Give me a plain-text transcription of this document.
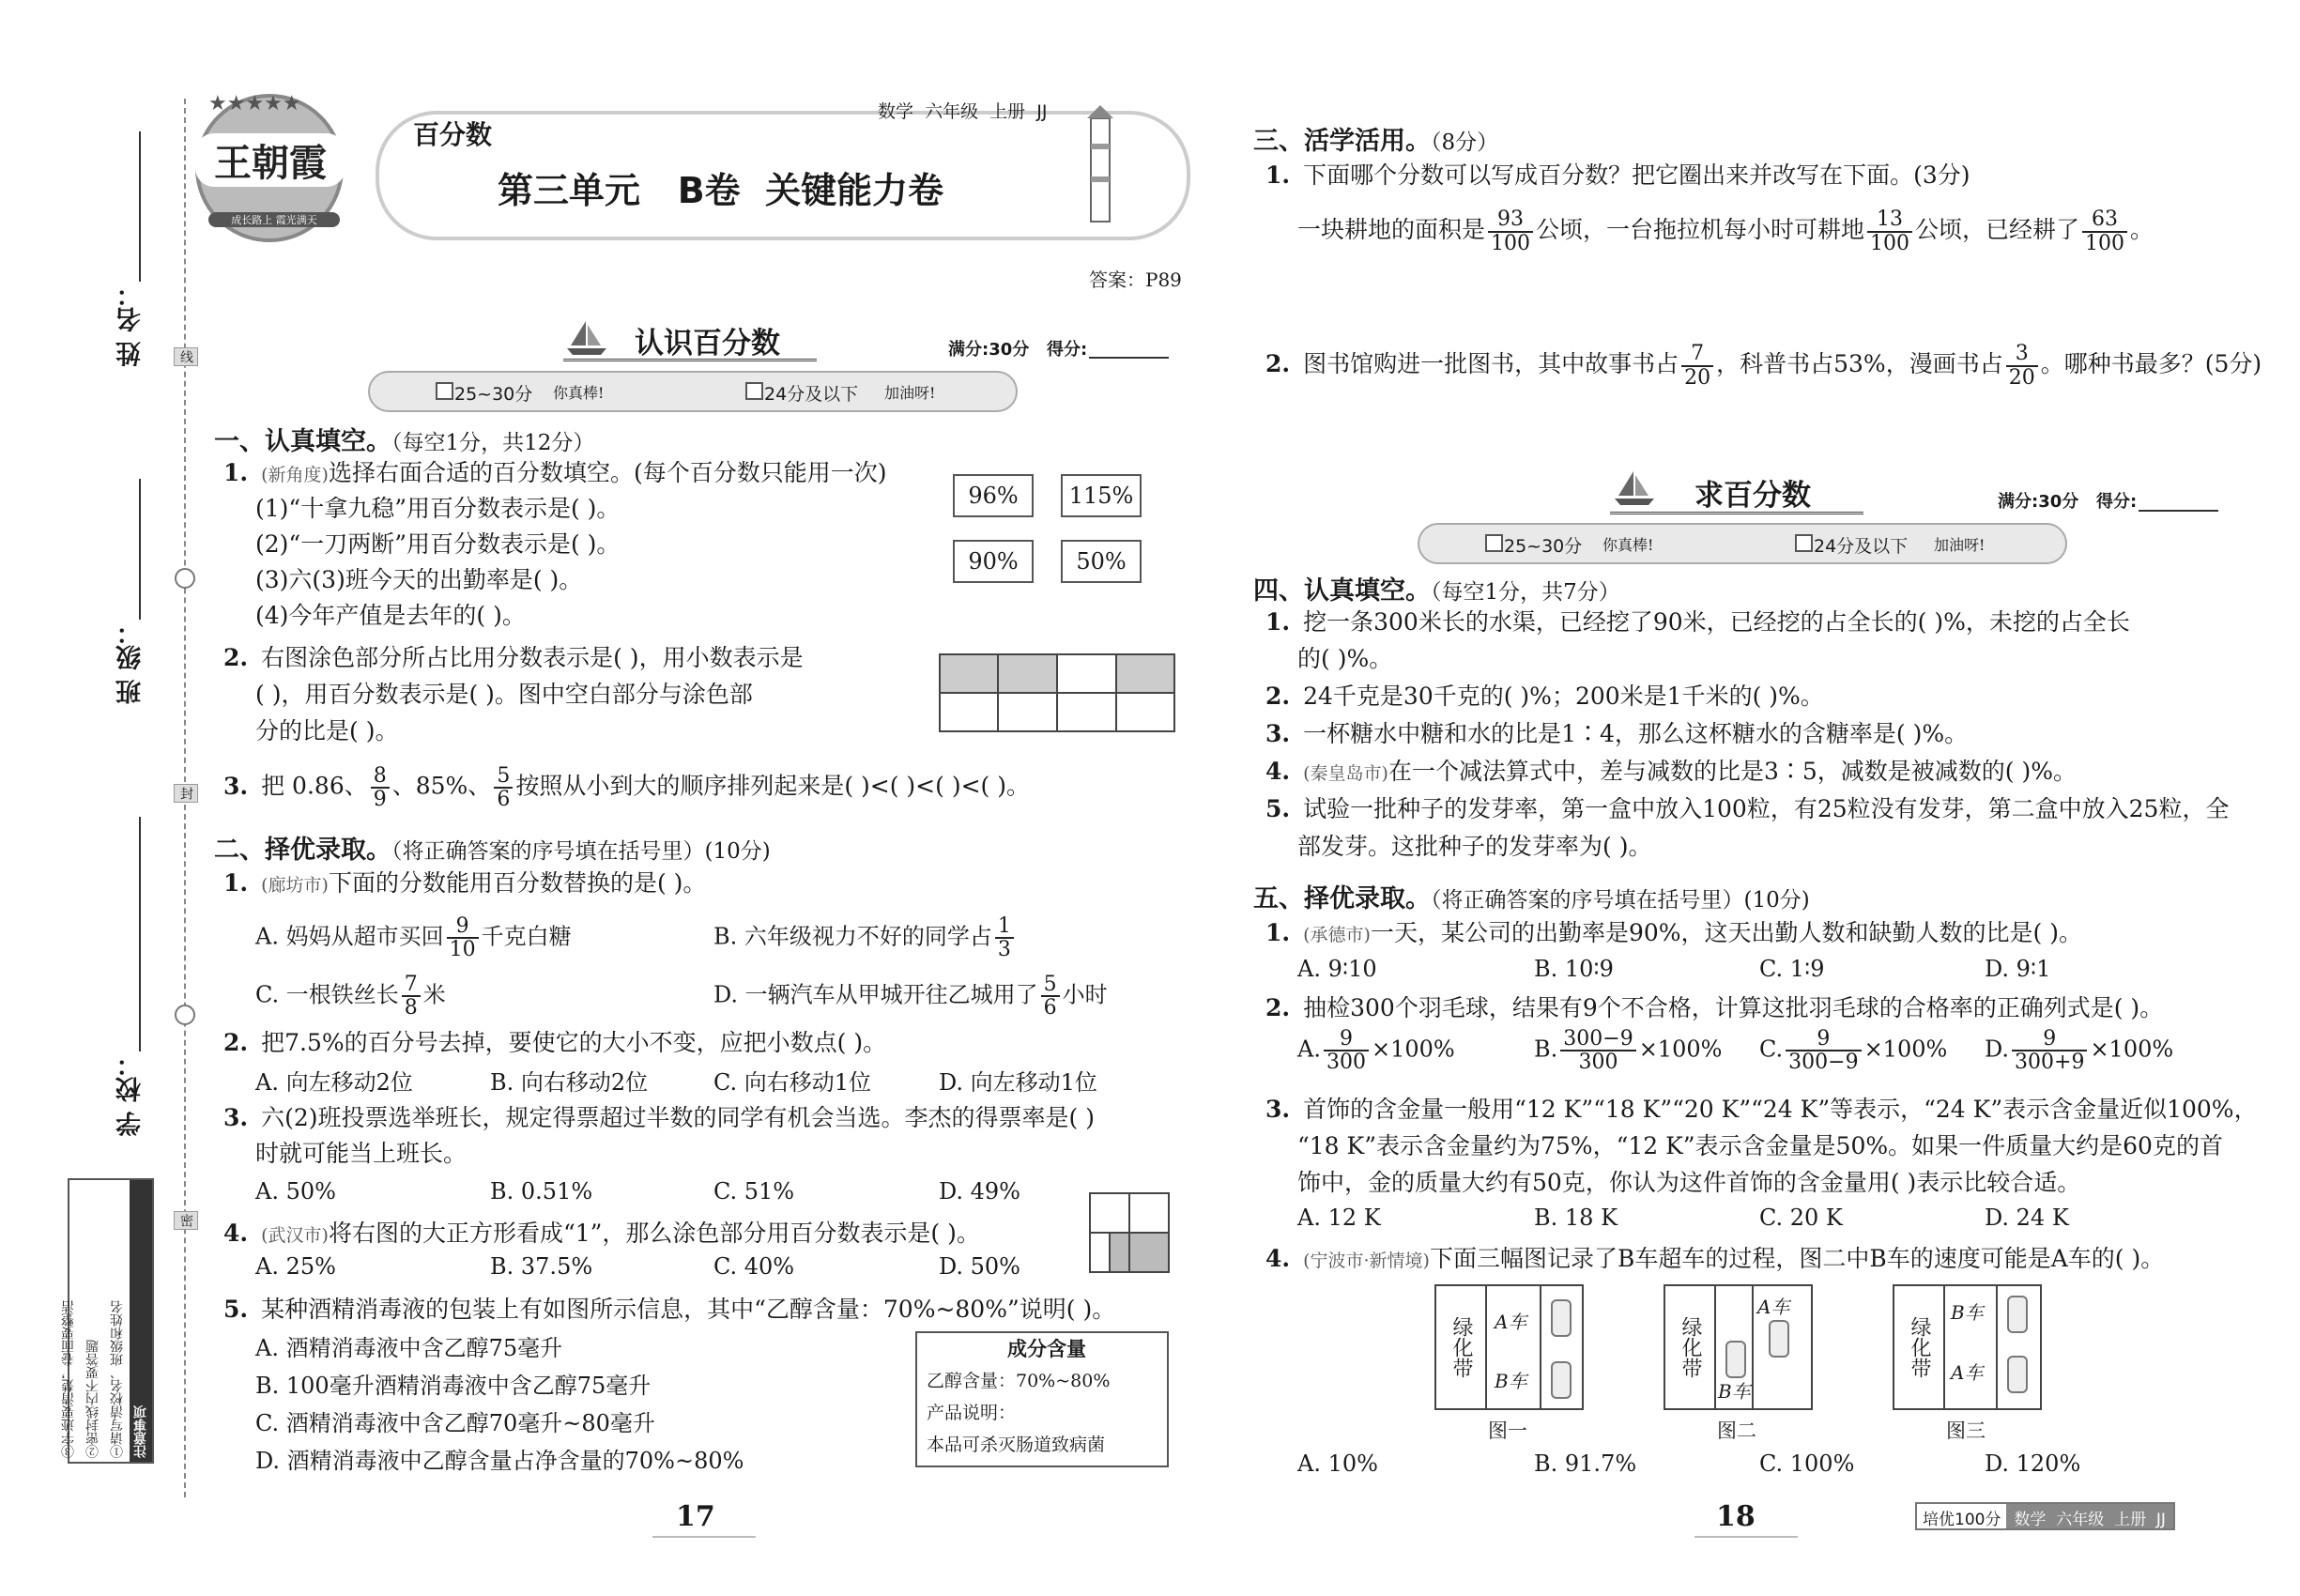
姓 名：
班 级：
学 校：
线
封
密
注意事项
①请写清校名、班级和姓名
②密封线内不要答题
③字迹要清楚，卷面要整洁
★★★★★
王朝霞
成长路上 霞光满天
百分数
数学  六年级  上册  JJ
第三单元   B卷  关键能力卷
答案：P89
认识百分数	满分:30分   得分:
25~30分 你真棒!	24分及以下 加油呀!
一、认真填空。（每空1分，共12分）
1. (新角度)选择右面合适的百分数填空。(每个百分数只能用一次)
(1)“十拿九稳”用百分数表示是( )。
(2)“一刀两断”用百分数表示是( )。
(3)六(3)班今天的出勤率是( )。
(4)今年产值是去年的( )。
96%	115%
90%	50%
2. 右图涂色部分所占比用分数表示是( )，用小数表示是
( )，用百分数表示是( )。图中空白部分与涂色部
分的比是( )。
3. 把 0.86、 $\frac{8}{9}$ 、85%、 $\frac{5}{6}$ 按照从小到大的顺序排列起来是( )<( )<( )<( )。
二、择优录取。（将正确答案的序号填在括号里）(10分)
1. (廊坊市)下面的分数能用百分数替换的是( )。
A. 妈妈从超市买回 $\frac{9}{10}$ 千克白糖	B. 六年级视力不好的同学占 $\frac{1}{3}$
C. 一根铁丝长 $\frac{7}{8}$ 米	D. 一辆汽车从甲城开往乙城用了 $\frac{5}{6}$ 小时
2. 把7.5%的百分号去掉，要使它的大小不变，应把小数点( )。
A. 向左移动2位	B. 向右移动2位	C. 向右移动1位	D. 向左移动1位
3. 六(2)班投票选举班长，规定得票超过半数的同学有机会当选。李杰的得票率是( )
时就可能当上班长。
A. 50%	B. 0.51%	C. 51%	D. 49%
4. (武汉市)将右图的大正方形看成“1”，那么涂色部分用百分数表示是( )。
A. 25%	B. 37.5%	C. 40%	D. 50%
5. 某种酒精消毒液的包装上有如图所示信息，其中“乙醇含量：70%~80%”说明( )。
A. 酒精消毒液中含乙醇75毫升
B. 100毫升酒精消毒液中含乙醇75毫升
C. 酒精消毒液中含乙醇70毫升~80毫升
D. 酒精消毒液中乙醇含量占净含量的70%~80%
成分含量
乙醇含量：70%~80%
产品说明：
本品可杀灭肠道致病菌
17
三、活学活用。（8分）
1. 下面哪个分数可以写成百分数？把它圈出来并改写在下面。(3分)
一块耕地的面积是 $\frac{93}{100}$ 公顷，一台拖拉机每小时可耕地 $\frac{13}{100}$ 公顷，已经耕了 $\frac{63}{100}$ 。
2. 图书馆购进一批图书，其中故事书占 $\frac{7}{20}$ ，科普书占53%，漫画书占 $\frac{3}{20}$ 。哪种书最多？(5分)
求百分数	满分:30分   得分:
25~30分 你真棒!	24分及以下 加油呀!
四、认真填空。（每空1分，共7分）
1. 挖一条300米长的水渠，已经挖了90米，已经挖的占全长的( )%，未挖的占全长
的( )%。
2. 24千克是30千克的( )%；200米是1千米的( )%。
3. 一杯糖水中糖和水的比是1∶4，那么这杯糖水的含糖率是( )%。
4. (秦皇岛市)在一个减法算式中，差与减数的比是3∶5，减数是被减数的( )%。
5. 试验一批种子的发芽率，第一盒中放入100粒，有25粒没有发芽，第二盒中放入25粒，全
部发芽。这批种子的发芽率为( )。
五、择优录取。（将正确答案的序号填在括号里）(10分)
1. (承德市)一天，某公司的出勤率是90%，这天出勤人数和缺勤人数的比是( )。
A. 9∶10	B. 10∶9	C. 1∶9	D. 9∶1
2. 抽检300个羽毛球，结果有9个不合格，计算这批羽毛球的合格率的正确列式是( )。
A. $\frac{9}{300} \times 100\%$	B. $\frac{300-9}{300} \times 100\%$ C. $\frac{9}{300-9} \times 100\%$ D. $\frac{9}{300+9} \times 100\%$
3. 首饰的含金量一般用“12 K”“18 K”“20 K”“24 K”等表示，“24 K”表示含金量近似100%，
“18 K”表示含金量约为75%，“12 K”表示含金量是50%。如果一件质量大约是60克的首
饰中，金的质量大约有50克，你认为这件首饰的含金量用( )表示比较合适。
A. 12 K	B. 18 K	C. 20 K	D. 24 K
4. (宁波市·新情境)下面三幅图记录了B车超车的过程，图二中B车的速度可能是A车的( )。
绿化带	A车
B车
图一
绿化带
A车
B车
图二
绿化带
B车
A车
图三
A. 10%	B. 91.7%	C. 100%	D. 120%
18	培优100分 数学  六年级  上册  JJ
